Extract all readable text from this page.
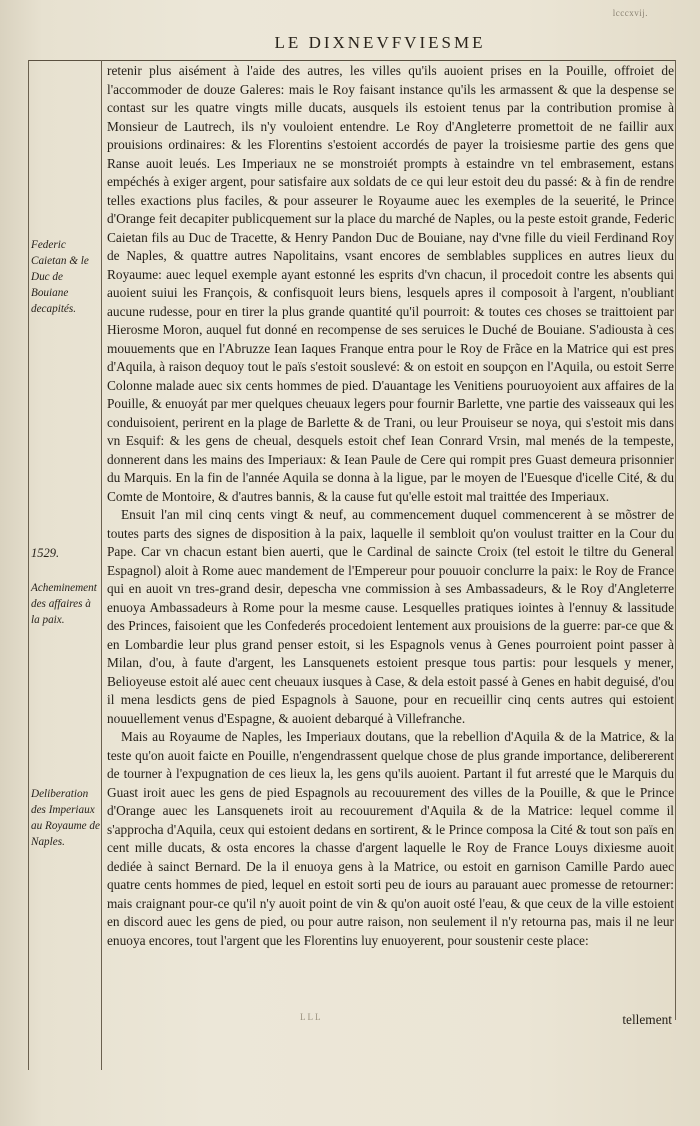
lcccxvij.
LE DIXNEVFVIESME
Federic Caietan & le Duc de Bouiane decapités.
1529.
Acheminement des affaires à la paix.
Deliberation des Imperiaux au Royaume de Naples.

retenir plus aisément à l'aide des autres, les villes qu'ils auoient prises en la Pouille, offroiet de l'accommoder de douze Galeres: mais le Roy faisant instance qu'ils les armassent & que la despense se contast sur les quatre vingts mille ducats, ausquels ils estoient tenus par la contribution promise à Monsieur de Lautrech, ils n'y vouloient entendre. Le Roy d'Angleterre promettoit de ne faillir aux prouisions ordinaires: & les Florentins s'estoient accordés de payer la troisiesme partie des gens que Ranse auoit leués. Les Imperiaux ne se monstroiét prompts à estaindre vn tel embrasement, estans empéchés à exiger argent, pour satisfaire aux soldats de ce qui leur estoit deu du passé: & à fin de rendre telles exactions plus faciles, & pour asseurer le Royaume auec les exemples de la seuerité, le Prince d'Orange feit decapiter publicquement sur la place du marché de Naples, ou la peste estoit grande, Federic Caietan fils au Duc de Tracette, & Henry Pandon Duc de Bouiane, nay d'vne fille du vieil Ferdinand Roy de Naples, & quattre autres Napolitains, vsant encores de semblables supplices en autres lieux du Royaume: auec lequel exemple ayant estonné les esprits d'vn chacun, il procedoit contre les absents qui auoient suiui les François, & confisquoit leurs biens, lesquels apres il composoit à l'argent, n'oubliant aucune rudesse, pour en tirer la plus grande quantité qu'il pourroit: & toutes ces choses se traittoient par Hierosme Moron, auquel fut donné en recompense de ses seruices le Duché de Bouiane. S'adiousta à ces mouuements que en l'Abruzze Iean Iaques Franque entra pour le Roy de Frãce en la Matrice qui est pres d'Aquila, à raison dequoy tout le païs s'estoit souslevé: & on estoit en soupçon en l'Aquila, ou estoit Serre Colonne malade auec six cents hommes de pied. D'auantage les Venitiens pouruoyoient aux affaires de la Pouille, & enuoyát par mer quelques cheuaux legers pour fournir Barlette, vne partie des vaisseaux qui les conduisoient, perirent en la plage de Barlette & de Trani, ou leur Prouiseur se noya, qui s'estoit mis dans vn Esquif: & les gens de cheual, desquels estoit chef Iean Conrard Vrsin, mal menés de la tempeste, donnerent dans les mains des Imperiaux: & Iean Paule de Cere qui rompit pres Guast demeura prisonnier du Marquis. En la fin de l'année Aquila se donna à la ligue, par le moyen de l'Euesque d'icelle Cité, & du Comte de Montoire, & d'autres bannis, & la cause fut qu'elle estoit mal traittée des Imperiaux.

Ensuit l'an mil cinq cents vingt & neuf, au commencement duquel commencerent à se mõstrer de toutes parts des signes de disposition à la paix, laquelle il sembloit qu'on voulust traitter en la Cour du Pape. Car vn chacun estant bien auerti, que le Cardinal de saincte Croix (tel estoit le tiltre du General Espagnol) aloit à Rome auec mandement de l'Empereur pour pouuoir conclurre la paix: le Roy de France qui en auoit vn tres-grand desir, depescha vne commission à ses Ambassadeurs, & le Roy d'Angleterre enuoya Ambassadeurs à Rome pour la mesme cause. Lesquelles pratiques iointes à l'ennuy & lassitude des Princes, faisoient que les Confederés procedoient lentement aux prouisions de la guerre: par-ce que & en Lombardie leur plus grand penser estoit, si les Espagnols venus à Genes pourroient point passer à Milan, d'ou, à faute d'argent, les Lansquenets estoient presque tous partis: pour lesquels y mener, Belioyeuse estoit alé auec cent cheuaux iusques à Case, & dela estoit passé à Genes en habit deguisé, d'ou il mena lesdicts gens de pied Espagnols à Sauone, pour en recueillir cinq cents autres qui estoient nouuellement venus d'Espagne, & auoient debarqué à Villefranche.

Mais au Royaume de Naples, les Imperiaux doutans, que la rebellion d'Aquila & de la Matrice, & la teste qu'on auoit faicte en Pouille, n'engendrassent quelque chose de plus grande importance, delibererent de tourner à l'expugnation de ces lieux la, les gens qu'ils auoient. Partant il fut arresté que le Marquis du Guast iroit auec les gens de pied Espagnols au recouurement des villes de la Pouille, & que le Prince d'Orange auec les Lansquenets iroit au recouurement d'Aquila & de la Matrice: lequel comme il s'approcha d'Aquila, ceux qui estoient dedans en sortirent, & le Prince composa la Cité & tout son païs en cent mille ducats, & osta encores la chasse d'argent laquelle le Roy de France Louys dixiesme auoit dediée à sainct Bernard. De la il enuoya gens à la Matrice, ou estoit en garnison Camille Pardo auec quatre cents hommes de pied, lequel en estoit sorti peu de iours au parauant auec promesse de retourner: mais craignant pour-ce qu'il n'y auoit point de vin & qu'on auoit osté l'eau, & que ceux de la ville estoient en discord auec les gens de pied, ou pour autre raison, non seulement il n'y retourna pas, mais il ne leur enuoya encores, tout l'argent que les Florentins luy enuoyerent, pour soustenir ceste place:

LLL	tellement
